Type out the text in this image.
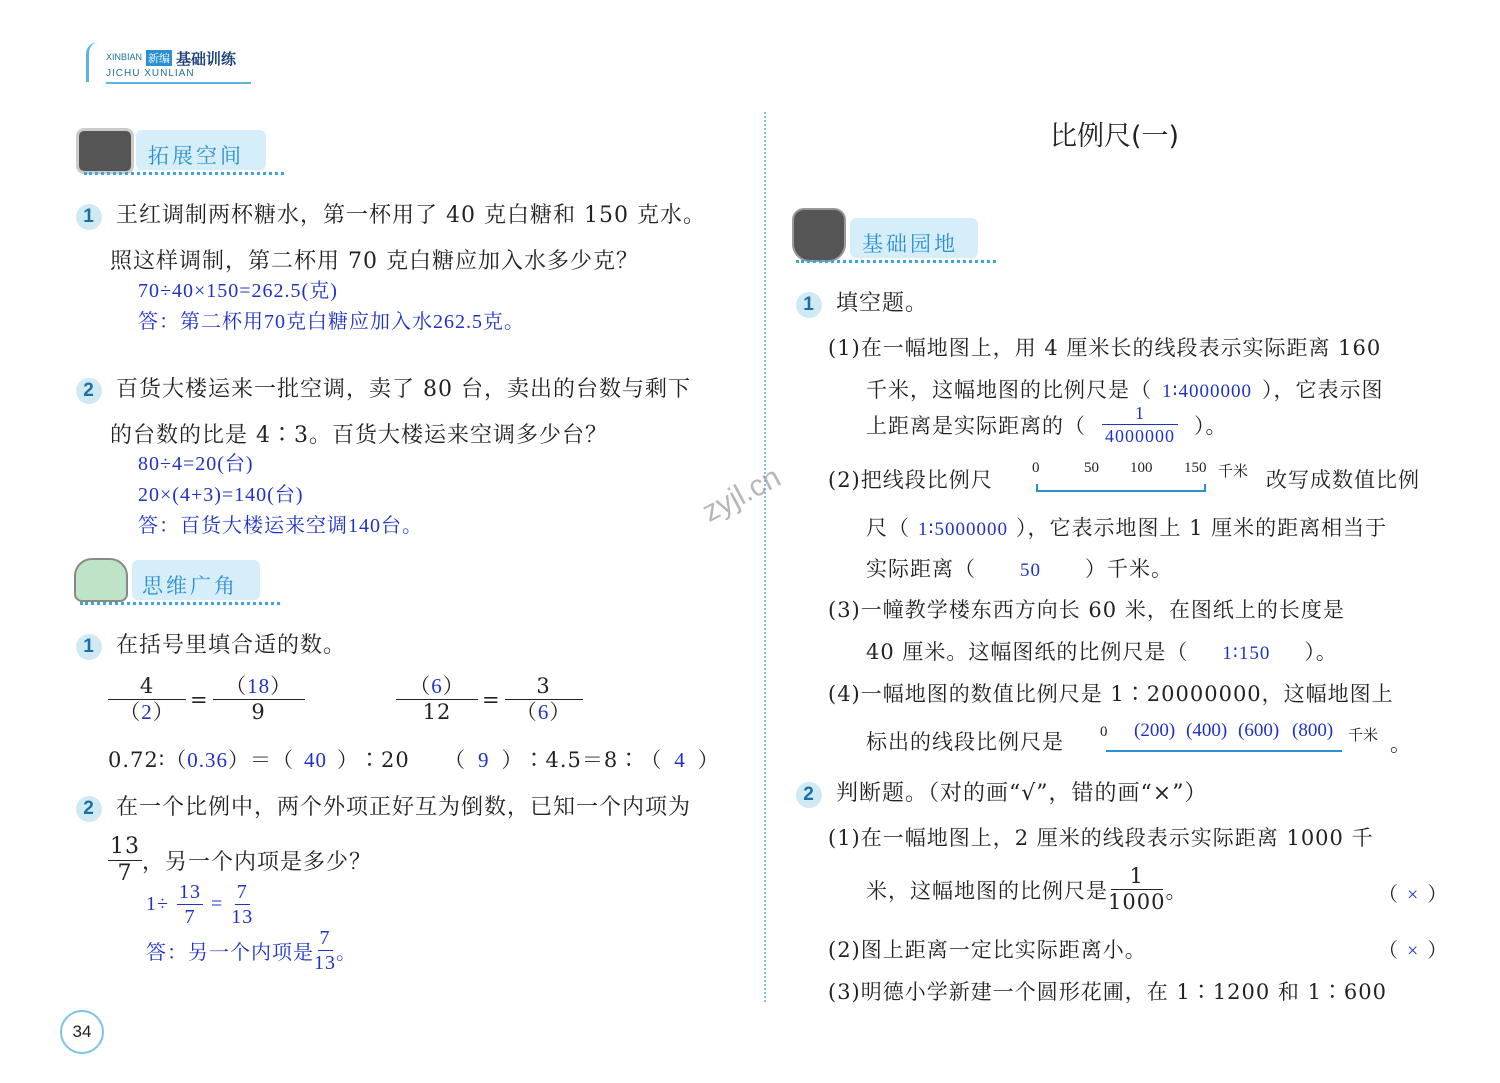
XINBIAN 新编 基础训练
JICHU XUNLIAN
拓展空间
1 王红调制两杯糖水，第一杯用了 40 克白糖和 150 克水。
照这样调制，第二杯用 70 克白糖应加入水多少克？
70÷40×150=262.5(克)
答：第二杯用70克白糖应加入水262.5克。
2 百货大楼运来一批空调，卖了 80 台，卖出的台数与剩下
的台数的比是 4∶3。百货大楼运来空调多少台？
80÷4=20(台)
20×(4+3)=140(台)
答：百货大楼运来空调140台。	zyjl.cn
思维广角
1 在括号里填合适的数。
$\frac{4}{(2)} = \frac{(18)}{9}$	$\frac{(6)}{12} = \frac{3}{(6)}$
0.72∶（0.36）＝（ 40 ）∶20 （ 9 ）∶4.5＝8∶（ 4 ）
2 在一个比例中，两个外项正好互为倒数，已知一个内项为
$\frac{13}{7}$ ，另一个内项是多少？
$1\div \frac{13}{7} = \frac{7}{13}$
答：另一个内项是 $\frac{7}{13}$ 。
34
比例尺(一)
基础园地
1 填空题。
(1)在一幅地图上，用 4 厘米长的线段表示实际距离 160
千米，这幅地图的比例尺是（ 1∶4000000 ），它表示图
上距离是实际距离的（ $\frac{1}{4000000}$ ）。
(2)把线段比例尺	0	50 100 150 千米 改写成数值比例
尺（ 1∶5000000 ），它表示地图上 1 厘米的距离相当于
实际距离（ 50 ）千米。
(3)一幢教学楼东西方向长 60 米，在图纸上的长度是
40 厘米。这幅图纸的比例尺是（ 1∶150 ）。
(4)一幅地图的数值比例尺是 1∶20000000，这幅地图上
标出的线段比例尺是 0 (200) (400) (600) (800) 千米 。
2 判断题。（对的画“√”，错的画“×”）
(1)在一幅地图上，2 厘米的线段表示实际距离 1000 千
米，这幅地图的比例尺是 $\frac{1}{1000}$ 。	（ × ）
(2)图上距离一定比实际距离小。	（ × ）
(3)明德小学新建一个圆形花圃，在 1∶1200 和 1∶600
